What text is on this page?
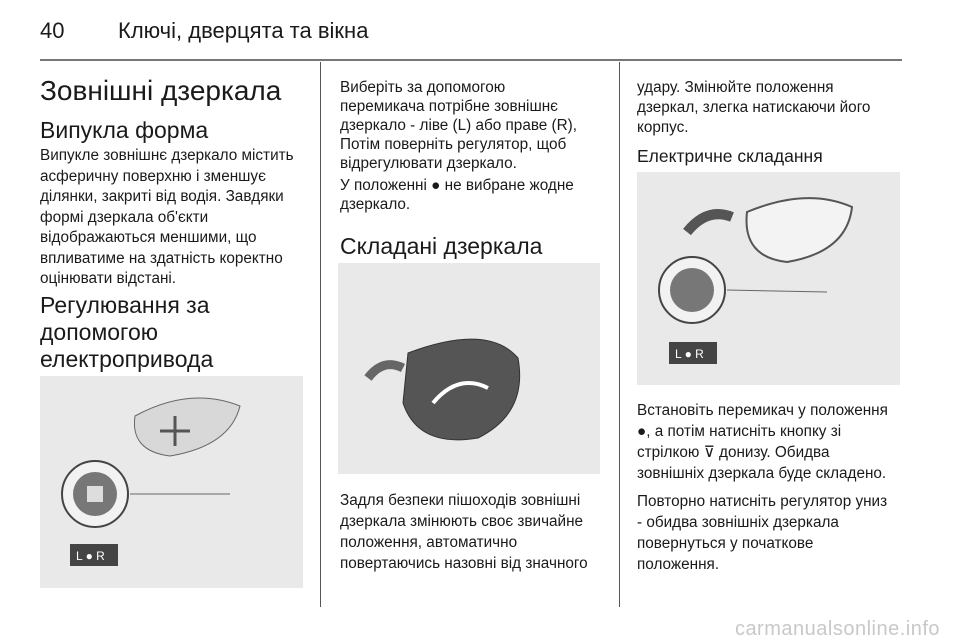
40 Ключі, дверцята та вікна
Зовнішні дзеркала
Випукла форма
Випукле зовнішнє дзеркало містить
асферичну поверхню і зменшує
ділянки, закриті від водія. Завдяки
формі дзеркала об'єкти
відображаються меншими, що
впливатиме на здатність коректно
оцінювати відстані.
Регулювання за
допомогою
електропривода
L ● R
Виберіть за допомогою
перемикача потрібне зовнішнє
дзеркало - ліве (L) або праве (R),
Потім поверніть регулятор, щоб
відрегулювати дзеркало.
У положенні ● не вибране жодне
дзеркало.
Складані дзеркала
Задля безпеки пішоходів зовнішні
дзеркала змінюють своє звичайне
положення, автоматично
повертаючись назовні від значного
удару. Змінюйте положення
дзеркал, злегка натискаючи його
корпус.
Електричне складання
L ● R
Встановіть перемикач у положення
●, а потім натисніть кнопку зі
стрілкою ⊽ донизу. Обидва
зовнішніх дзеркала буде складено.
Повторно натисніть регулятор униз
- обидва зовнішніх дзеркала
повернуться у початкове
положення.
carmanualsonline.info
